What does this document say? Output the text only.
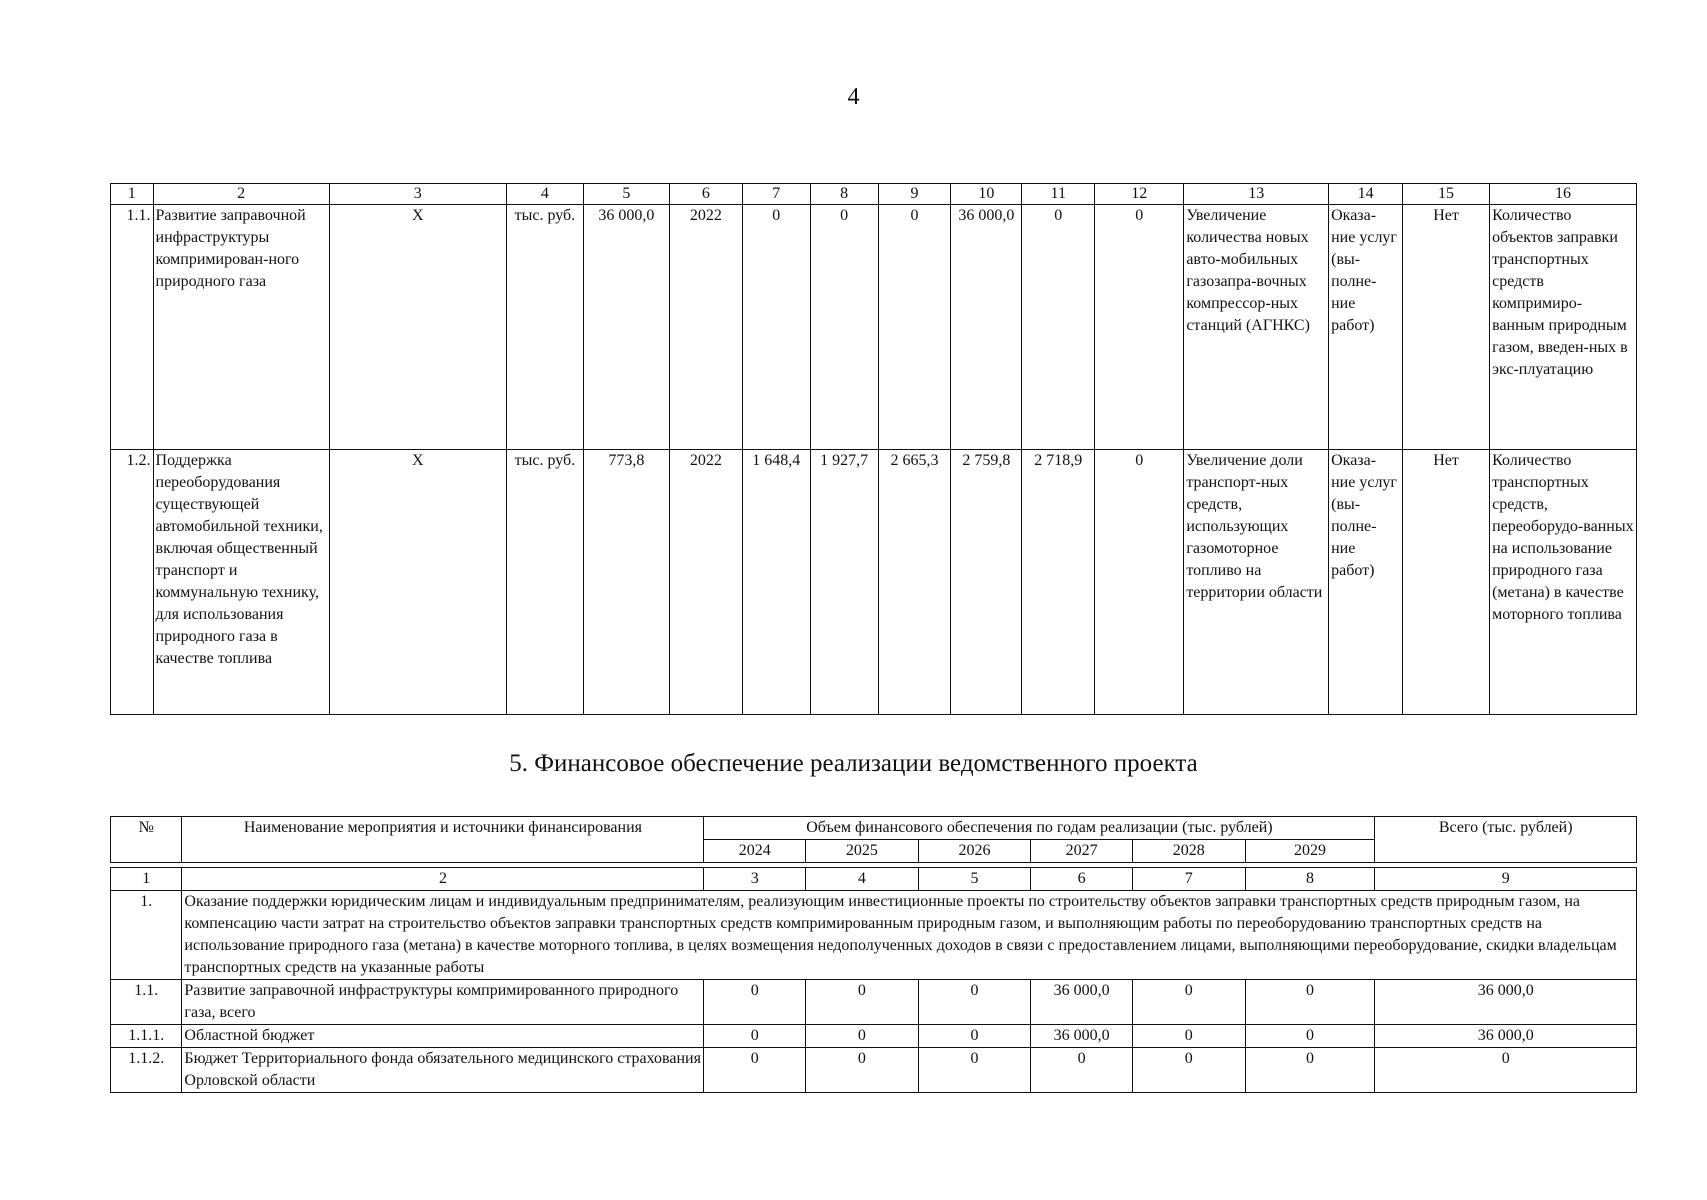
4
1	2	3	4	5	6	7	8	9	10	11	12	13	14	15	16
1.1.	Развитие заправочной инфраструктуры компримирован-ного природного газа	Х	тыс. руб.	36 000,0	2022	0	0	0	36 000,0	0	0	Увеличение количества новых авто-мобильных газозапра-вочных компрессор-ных станций (АГНКС)	Оказа-ние услуг (вы-полне-ние работ)	Нет	Количество объектов заправки транспортных средств компримиро-ванным природным газом, введен-ных в экс-плуатацию
1.2.	Поддержка переоборудования существующей автомобильной техники, включая общественный транспорт и коммунальную технику, для использования природного газа в качестве топлива	Х	тыс. руб.	773,8	2022	1 648,4	1 927,7	2 665,3	2 759,8	2 718,9	0	Увеличение доли транспорт-ных средств, использующих газомоторное топливо на территории области	Оказа-ние услуг (вы-полне-ние работ)	Нет	Количество транспортных средств, переоборудо-ванных на использование природного газа (метана) в качестве моторного топлива
5. Финансовое обеспечение реализации ведомственного проекта
№	Наименование мероприятия и источники финансирования	Объем финансового обеспечения по годам реализации (тыс. рублей)						Всего (тыс. рублей)
		2024	2025	2026	2027	2028	2029	

1	2	3	4	5	6	7	8	9
1.	Оказание поддержки юридическим лицам и индивидуальным предпринимателям, реализующим инвестиционные проекты по строительству объектов заправки транспортных средств природным газом, на компенсацию части затрат на строительство объектов заправки транспортных средств компримированным природным газом, и выполняющим работы по переоборудованию транспортных средств на использование природного газа (метана) в качестве моторного топлива, в целях возмещения недополученных доходов в связи с предоставлением лицами, выполняющими переоборудование, скидки владельцам транспортных средств на указанные работы							
1.1.	Развитие заправочной инфраструктуры компримированного природного газа, всего	0	0	0	36 000,0	0	0	36 000,0
1.1.1.	Областной бюджет	0	0	0	36 000,0	0	0	36 000,0
1.1.2.	Бюджет Территориального фонда обязательного медицинского страхования Орловской области	0	0	0	0	0	0	0
